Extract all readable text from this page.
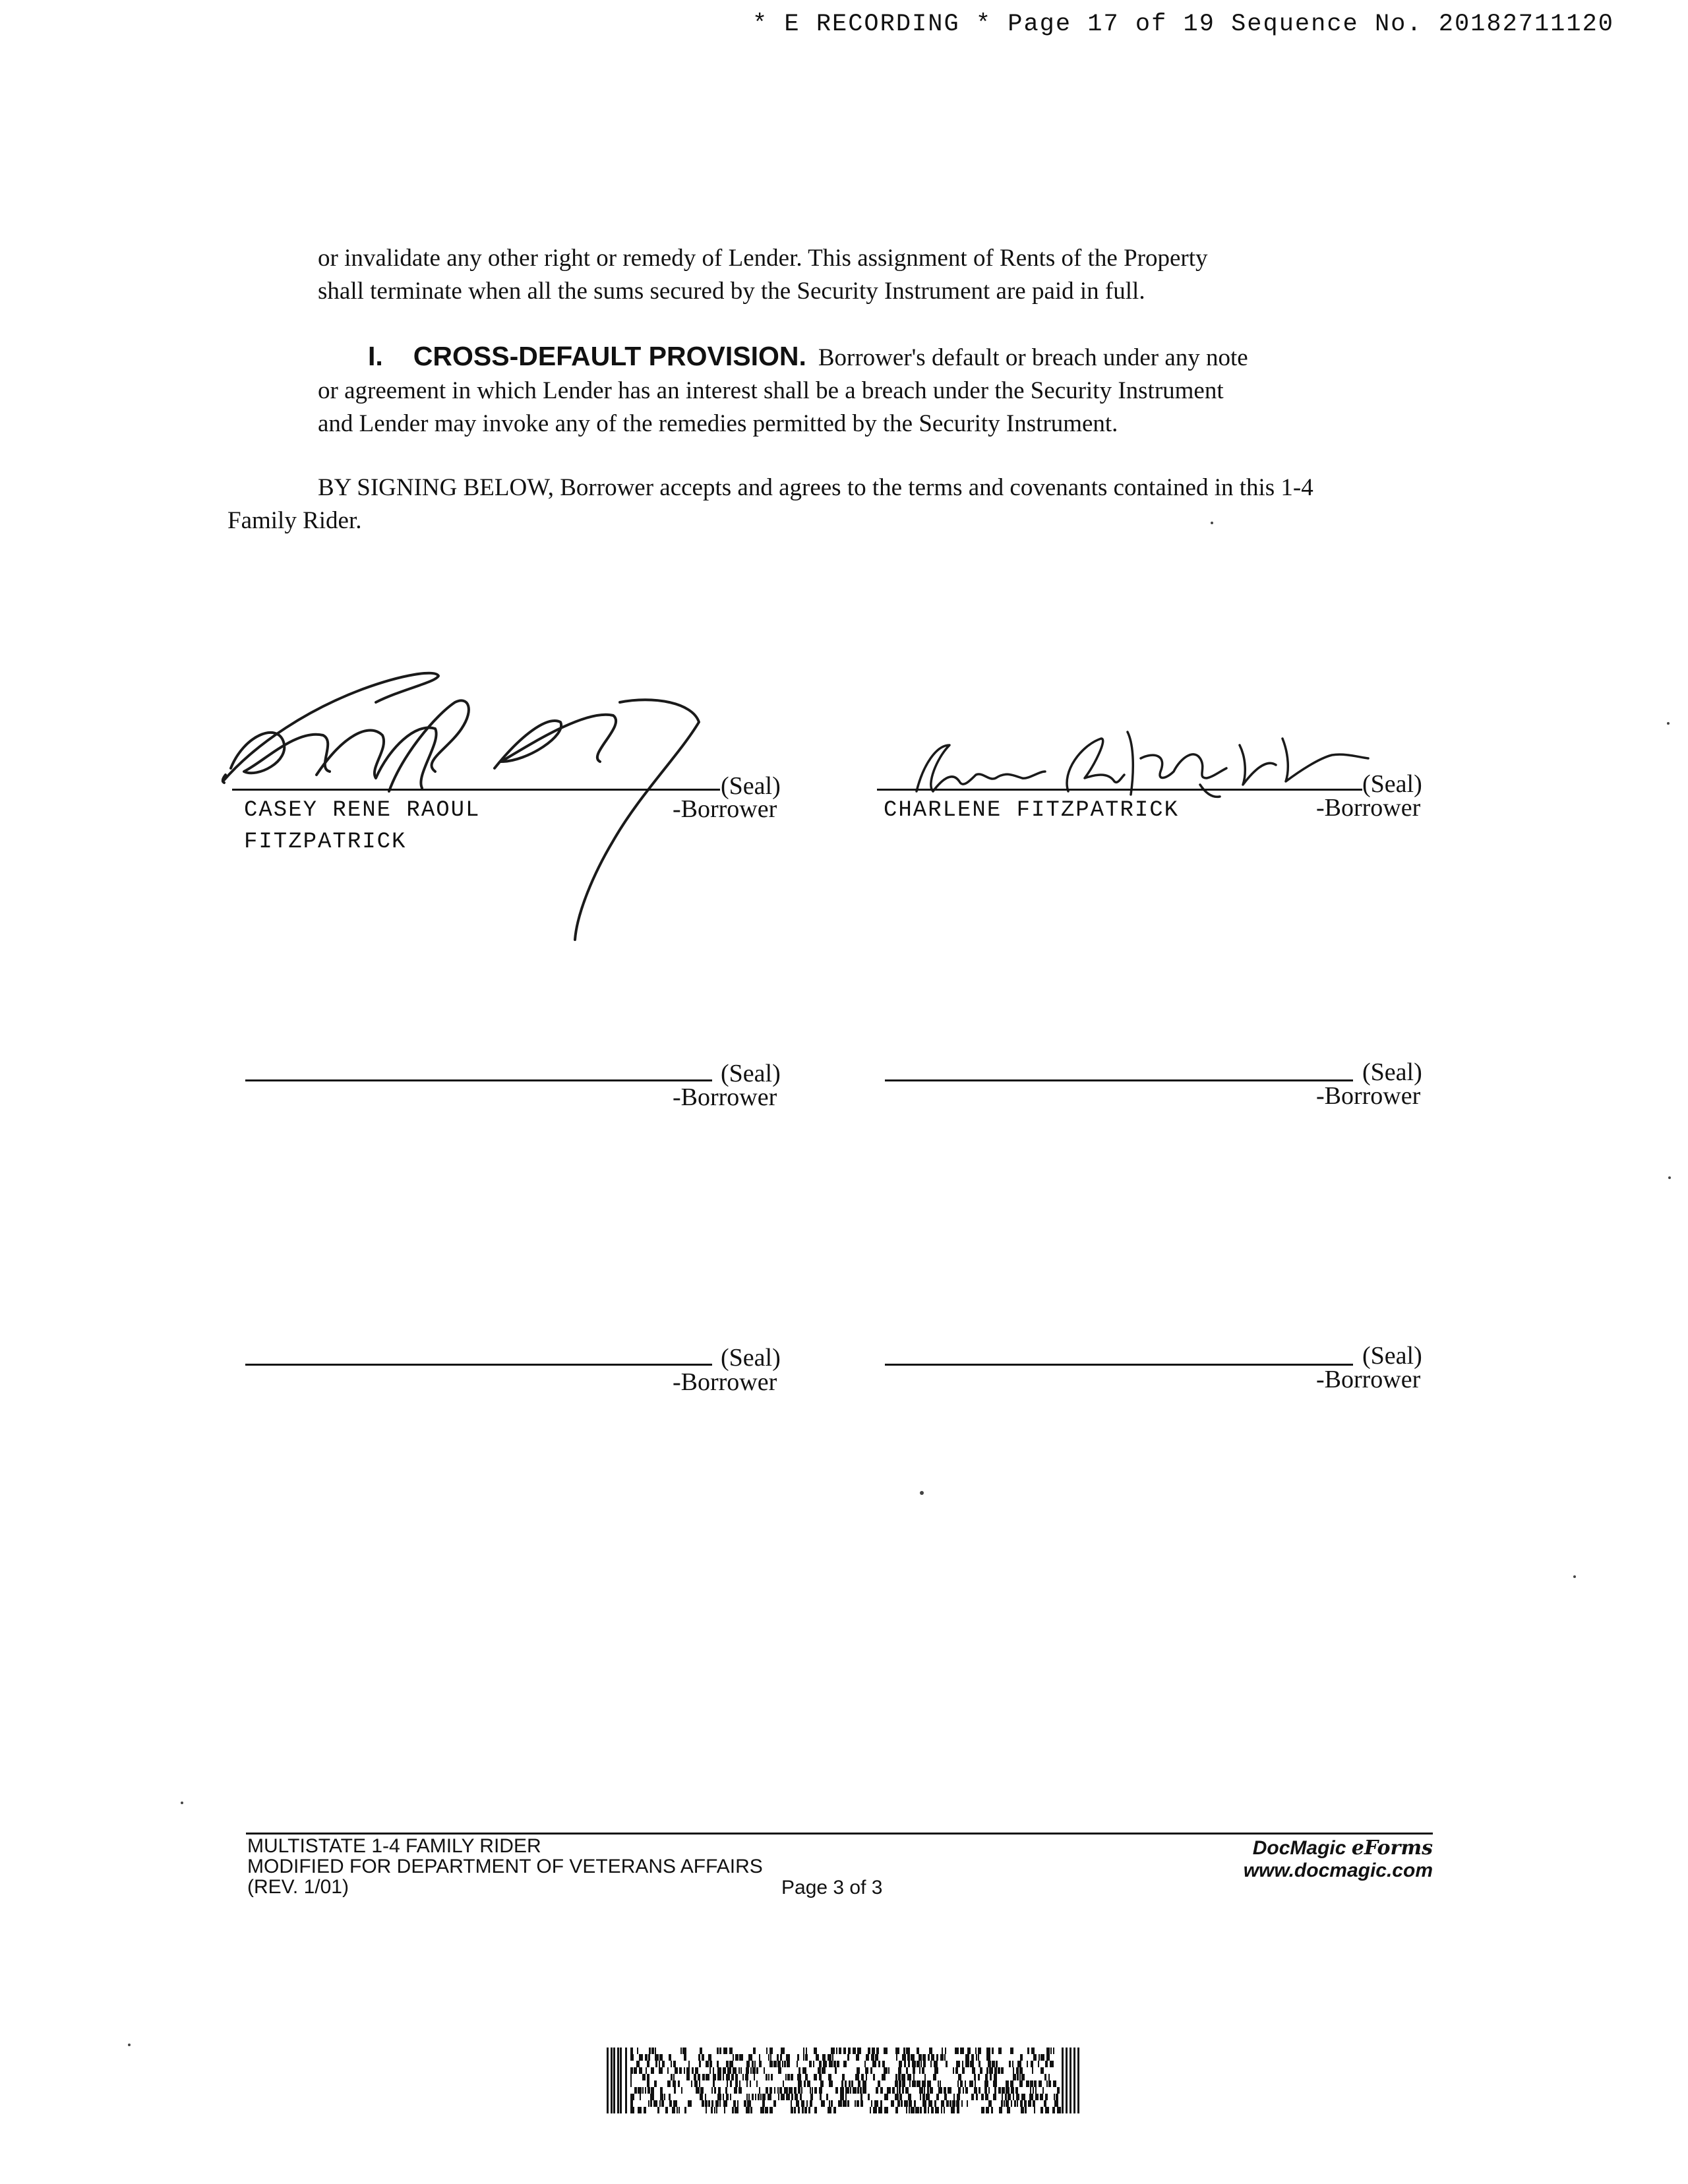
* E RECORDING * Page 17 of 19 Sequence No. 20182711120
or invalidate any other right or remedy of Lender. This assignment of Rents of the Property
shall terminate when all the sums secured by the Security Instrument are paid in full.
I. CROSS-DEFAULT PROVISION. Borrower's default or breach under any note
or agreement in which Lender has an interest shall be a breach under the Security Instrument
and Lender may invoke any of the remedies permitted by the Security Instrument.
BY SIGNING BELOW, Borrower accepts and agrees to the terms and covenants contained in this 1-4
Family Rider.
(Seal)
-Borrower
CASEY RENE RAOUL
FITZPATRICK
(Seal)
-Borrower
CHARLENE FITZPATRICK
(Seal)
-Borrower
(Seal)
-Borrower
(Seal)
-Borrower
(Seal)
-Borrower
MULTISTATE 1-4 FAMILY RIDER
MODIFIED FOR DEPARTMENT OF VETERANS AFFAIRS
(REV. 1/01)	Page 3 of 3
DocMagic eForms
www.docmagic.com
